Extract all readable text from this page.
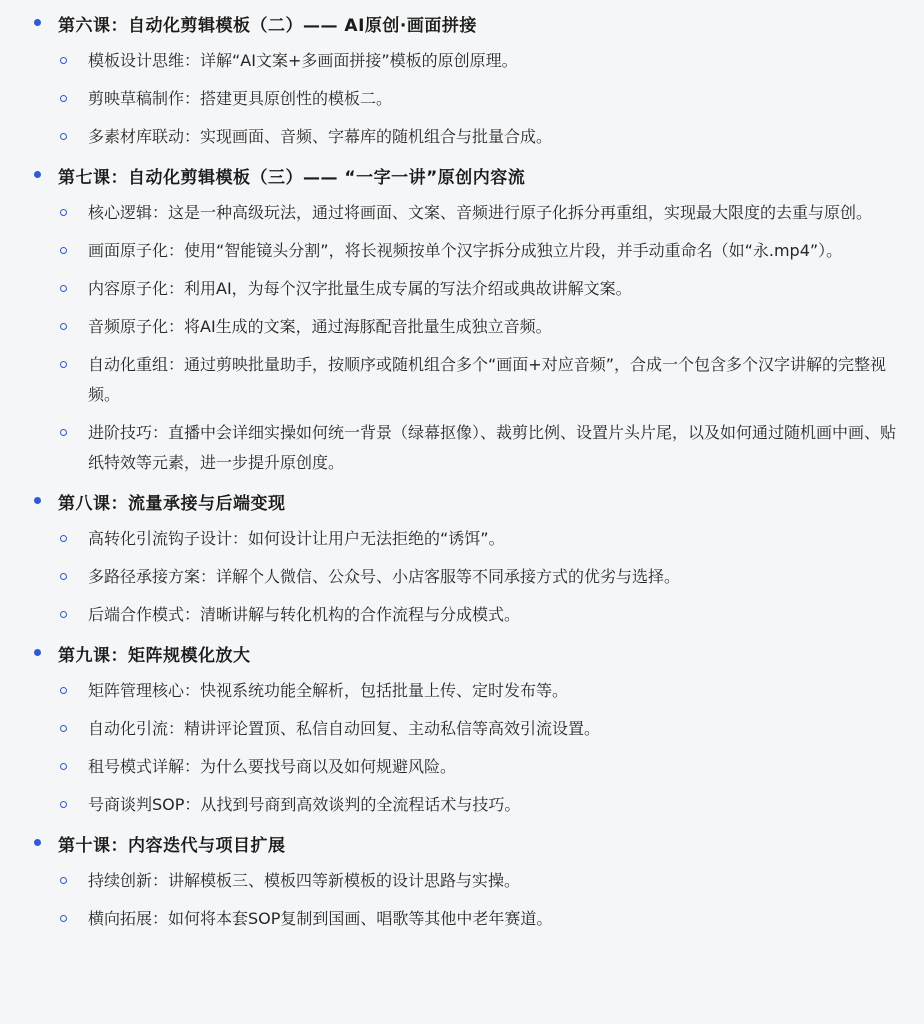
第六课：自动化剪辑模板（二）—— AI原创·画面拼接
模板设计思维：详解“AI文案+多画面拼接”模板的原创原理。
剪映草稿制作：搭建更具原创性的模板二。
多素材库联动：实现画面、音频、字幕库的随机组合与批量合成。
第七课：自动化剪辑模板（三）—— “一字一讲”原创内容流
核心逻辑：这是一种高级玩法，通过将画面、文案、音频进行原子化拆分再重组，实现最大限度的去重与原创。
画面原子化：使用“智能镜头分割”，将长视频按单个汉字拆分成独立片段，并手动重命名（如“永.mp4”）。
内容原子化：利用AI，为每个汉字批量生成专属的写法介绍或典故讲解文案。
音频原子化：将AI生成的文案，通过海豚配音批量生成独立音频。
自动化重组：通过剪映批量助手，按顺序或随机组合多个“画面+对应音频”，合成一个包含多个汉字讲解的完整视频。
进阶技巧：直播中会详细实操如何统一背景（绿幕抠像）、裁剪比例、设置片头片尾，以及如何通过随机画中画、贴纸特效等元素，进一步提升原创度。
第八课：流量承接与后端变现
高转化引流钩子设计：如何设计让用户无法拒绝的“诱饵”。
多路径承接方案：详解个人微信、公众号、小店客服等不同承接方式的优劣与选择。
后端合作模式：清晰讲解与转化机构的合作流程与分成模式。
第九课：矩阵规模化放大
矩阵管理核心：快视系统功能全解析，包括批量上传、定时发布等。
自动化引流：精讲评论置顶、私信自动回复、主动私信等高效引流设置。
租号模式详解：为什么要找号商以及如何规避风险。
号商谈判SOP：从找到号商到高效谈判的全流程话术与技巧。
第十课：内容迭代与项目扩展
持续创新：讲解模板三、模板四等新模板的设计思路与实操。
横向拓展：如何将本套SOP复制到国画、唱歌等其他中老年赛道。
